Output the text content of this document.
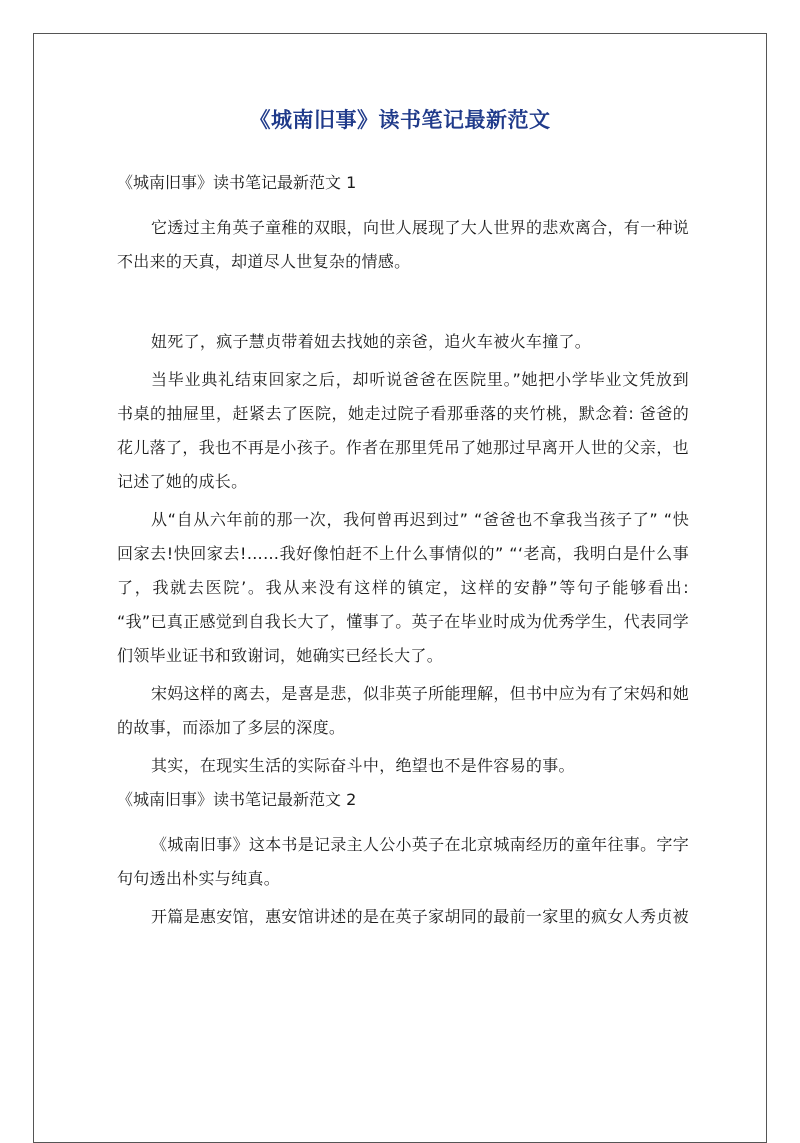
《城南旧事》读书笔记最新范文
《城南旧事》读书笔记最新范文 1

它透过主角英子童稚的双眼，向世人展现了大人世界的悲欢离合，有一种说不出来的天真，却道尽人世复杂的情感。

妞死了，疯子慧贞带着妞去找她的亲爸，追火车被火车撞了。

当毕业典礼结束回家之后，却听说爸爸在医院里。”她把小学毕业文凭放到书桌的抽屉里，赶紧去了医院，她走过院子看那垂落的夹竹桃，默念着: 爸爸的花儿落了，我也不再是小孩子。作者在那里凭吊了她那过早离开人世的父亲，也记述了她的成长。

从“自从六年前的那一次，我何曾再迟到过” “爸爸也不拿我当孩子了” “快回家去!快回家去!……我好像怕赶不上什么事情似的” “‘老高，我明白是什么事了，我就去医院’。我从来没有这样的镇定，这样的安静”等句子能够看出: “我”已真正感觉到自我长大了，懂事了。英子在毕业时成为优秀学生，代表同学们领毕业证书和致谢词，她确实已经长大了。

宋妈这样的离去，是喜是悲，似非英子所能理解，但书中应为有了宋妈和她的故事，而添加了多层的深度。

其实，在现实生活的实际奋斗中，绝望也不是件容易的事。

《城南旧事》读书笔记最新范文 2

《城南旧事》这本书是记录主人公小英子在北京城南经历的童年往事。字字句句透出朴实与纯真。

开篇是惠安馆，惠安馆讲述的是在英子家胡同的最前一家里的疯女人秀贞被
